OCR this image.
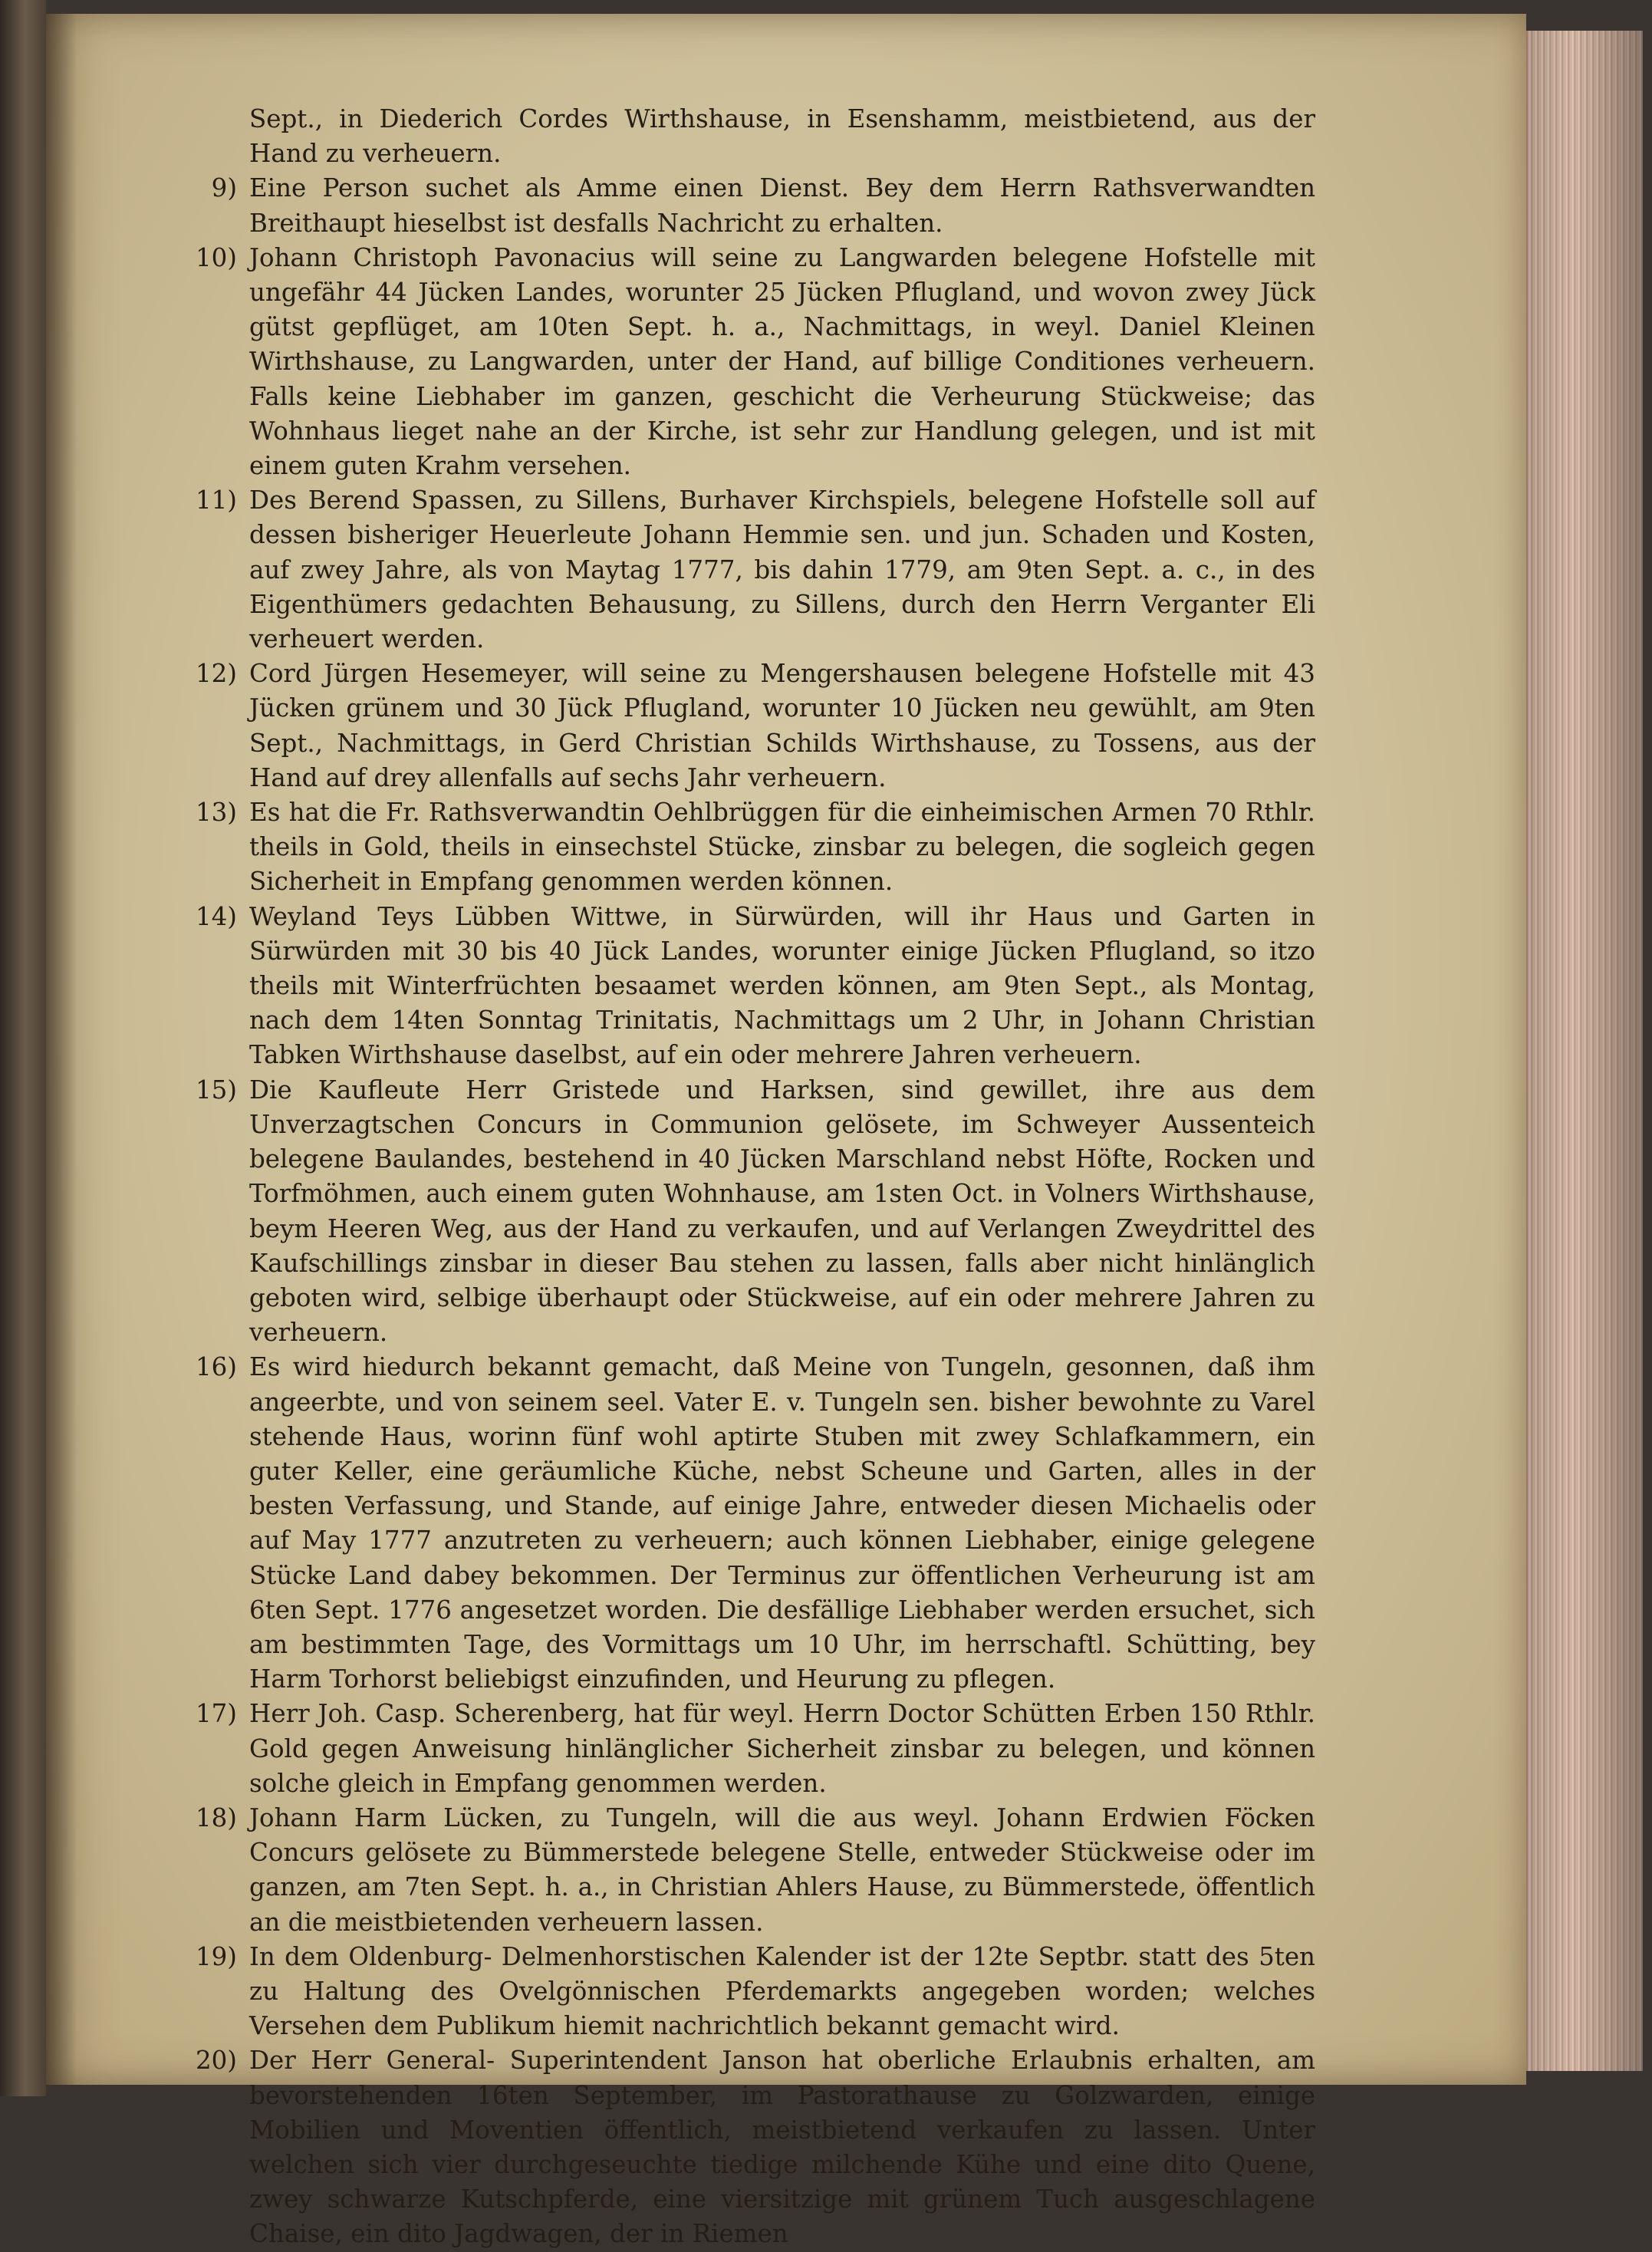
Sept., in Diederich Cordes Wirthshause, in Esenshamm, meistbietend, aus der Hand zu verheuern.

9) Eine Person suchet als Amme einen Dienst. Bey dem Herrn Rathsverwandten Breithaupt hieselbst ist desfalls Nachricht zu erhalten.

10) Johann Christoph Pavonacius will seine zu Langwarden belegene Hofstelle mit ungefähr 44 Jücken Landes, worunter 25 Jücken Pflugland, und wovon zwey Jück gütst gepflüget, am 10ten Sept. h. a., Nachmittags, in weyl. Daniel Kleinen Wirthshause, zu Langwarden, unter der Hand, auf billige Conditiones verheuern. Falls keine Liebhaber im ganzen, geschicht die Verheurung Stückweise; das Wohnhaus lieget nahe an der Kirche, ist sehr zur Handlung gelegen, und ist mit einem guten Krahm versehen.

11) Des Berend Spassen, zu Sillens, Burhaver Kirchspiels, belegene Hofstelle soll auf dessen bisheriger Heuerleute Johann Hemmie sen. und jun. Schaden und Kosten, auf zwey Jahre, als von Maytag 1777, bis dahin 1779, am 9ten Sept. a. c., in des Eigenthümers gedachten Behausung, zu Sillens, durch den Herrn Verganter Eli verheuert werden.

12) Cord Jürgen Hesemeyer, will seine zu Mengershausen belegene Hofstelle mit 43 Jücken grünem und 30 Jück Pflugland, worunter 10 Jücken neu gewühlt, am 9ten Sept., Nachmittags, in Gerd Christian Schilds Wirthshause, zu Tossens, aus der Hand auf drey allenfalls auf sechs Jahr verheuern.

13) Es hat die Fr. Rathsverwandtin Oehlbrüggen für die einheimischen Armen 70 Rthlr. theils in Gold, theils in einsechstel Stücke, zinsbar zu belegen, die sogleich gegen Sicherheit in Empfang genommen werden können.

14) Weyland Teys Lübben Wittwe, in Sürwürden, will ihr Haus und Garten in Sürwürden mit 30 bis 40 Jück Landes, worunter einige Jücken Pflugland, so itzo theils mit Winterfrüchten besaamet werden können, am 9ten Sept., als Montag, nach dem 14ten Sonntag Trinitatis, Nachmittags um 2 Uhr, in Johann Christian Tabken Wirthshause daselbst, auf ein oder mehrere Jahren verheuern.

15) Die Kaufleute Herr Gristede und Harksen, sind gewillet, ihre aus dem Unverzagtschen Concurs in Communion gelösete, im Schweyer Aussenteich belegene Baulandes, bestehend in 40 Jücken Marschland nebst Höfte, Rocken und Torfmöhmen, auch einem guten Wohnhause, am 1sten Oct. in Volners Wirthshause, beym Heeren Weg, aus der Hand zu verkaufen, und auf Verlangen Zweydrittel des Kaufschillings zinsbar in dieser Bau stehen zu lassen, falls aber nicht hinlänglich geboten wird, selbige überhaupt oder Stückweise, auf ein oder mehrere Jahren zu verheuern.

16) Es wird hiedurch bekannt gemacht, daß Meine von Tungeln, gesonnen, daß ihm angeerbte, und von seinem seel. Vater E. v. Tungeln sen. bisher bewohnte zu Varel stehende Haus, worinn fünf wohl aptirte Stuben mit zwey Schlafkammern, ein guter Keller, eine geräumliche Küche, nebst Scheune und Garten, alles in der besten Verfassung, und Stande, auf einige Jahre, entweder diesen Michaelis oder auf May 1777 anzutreten zu verheuern; auch können Liebhaber, einige gelegene Stücke Land dabey bekommen. Der Terminus zur öffentlichen Verheurung ist am 6ten Sept. 1776 angesetzet worden. Die desfällige Liebhaber werden ersuchet, sich am bestimmten Tage, des Vormittags um 10 Uhr, im herrschaftl. Schütting, bey Harm Torhorst beliebigst einzufinden, und Heurung zu pflegen.

17) Herr Joh. Casp. Scherenberg, hat für weyl. Herrn Doctor Schütten Erben 150 Rthlr. Gold gegen Anweisung hinlänglicher Sicherheit zinsbar zu belegen, und können solche gleich in Empfang genommen werden.

18) Johann Harm Lücken, zu Tungeln, will die aus weyl. Johann Erdwien Föcken Concurs gelösete zu Bümmerstede belegene Stelle, entweder Stückweise oder im ganzen, am 7ten Sept. h. a., in Christian Ahlers Hause, zu Bümmerstede, öffentlich an die meistbietenden verheuern lassen.

19) In dem Oldenburg- Delmenhorstischen Kalender ist der 12te Septbr. statt des 5ten zu Haltung des Ovelgönnischen Pferdemarkts angegeben worden; welches Versehen dem Publikum hiemit nachrichtlich bekannt gemacht wird.

20) Der Herr General- Superintendent Janson hat oberliche Erlaubnis erhalten, am bevorstehenden 16ten September, im Pastorathause zu Golzwarden, einige Mobilien und Moventien öffentlich, meistbietend verkaufen zu lassen. Unter welchen sich vier durchgeseuchte tiedige milchende Kühe und eine dito Quene, zwey schwarze Kutschpferde, eine viersitzige mit grünem Tuch ausgeschlagene Chaise, ein dito Jagdwagen, der in Riemen
